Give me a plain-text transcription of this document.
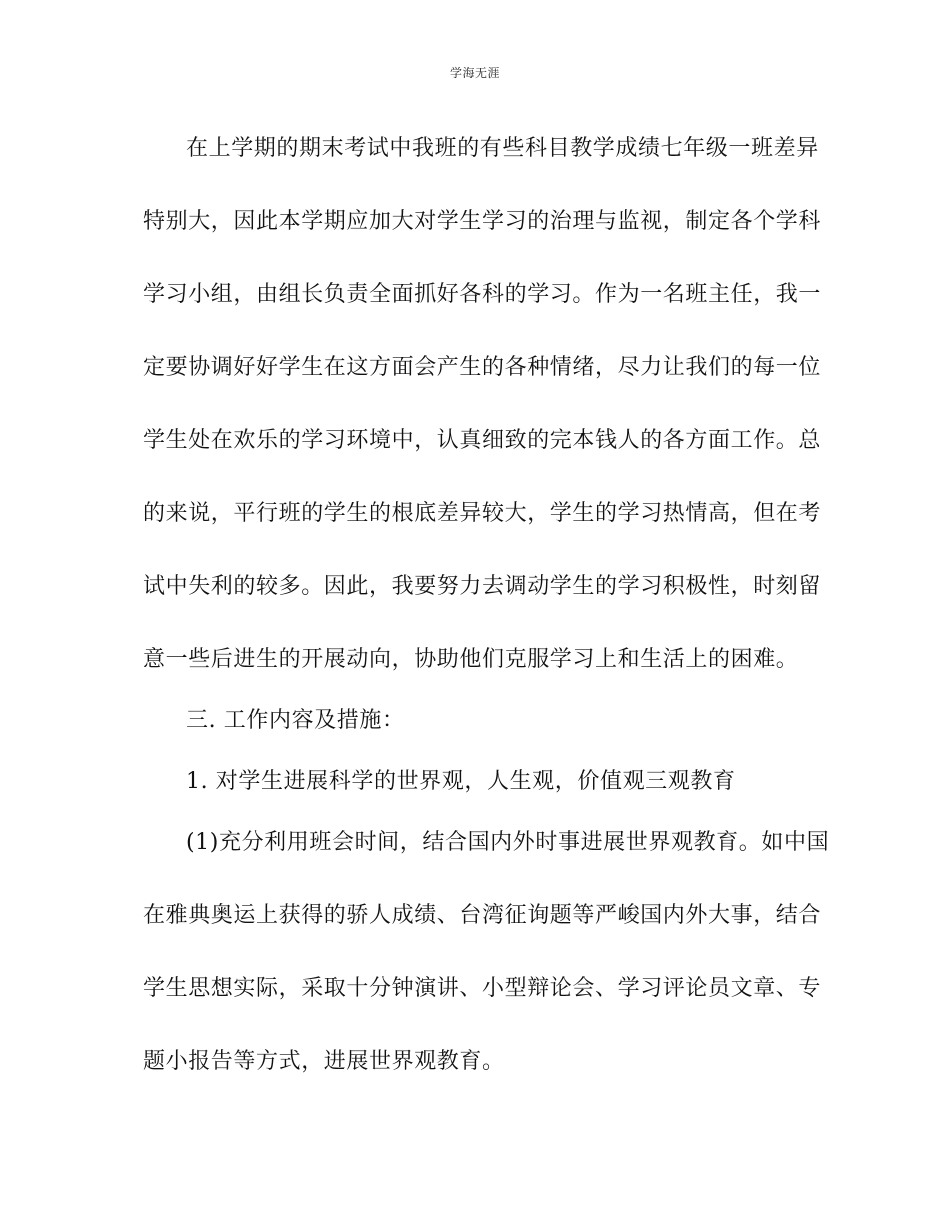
学海无涯
在上学期的期末考试中我班的有些科目教学成绩七年级一班差异
特别大，因此本学期应加大对学生学习的治理与监视，制定各个学科
学习小组，由组长负责全面抓好各科的学习。作为一名班主任，我一
定要协调好好学生在这方面会产生的各种情绪，尽力让我们的每一位
学生处在欢乐的学习环境中，认真细致的完本钱人的各方面工作。总
的来说，平行班的学生的根底差异较大，学生的学习热情高，但在考
试中失利的较多。因此，我要努力去调动学生的学习积极性，时刻留
意一些后进生的开展动向，协助他们克服学习上和生活上的困难。
三. 工作内容及措施：
1. 对学生进展科学的世界观，人生观，价值观三观教育
(1)充分利用班会时间，结合国内外时事进展世界观教育。如中国
在雅典奥运上获得的骄人成绩、台湾征询题等严峻国内外大事，结合
学生思想实际，采取十分钟演讲、小型辩论会、学习评论员文章、专
题小报告等方式，进展世界观教育。
